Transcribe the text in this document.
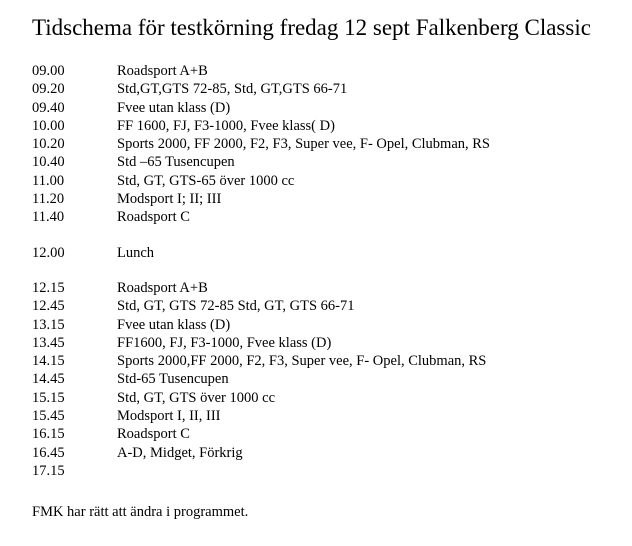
Tidschema för testkörning fredag 12 sept Falkenberg Classic
09.00	Roadsport A+B
09.20	Std,GT,GTS 72-85, Std, GT,GTS 66-71
09.40	Fvee utan klass (D)
10.00	FF 1600, FJ, F3-1000, Fvee klass( D)
10.20	Sports 2000, FF 2000, F2, F3, Super vee, F- Opel, Clubman, RS
10.40	Std –65 Tusencupen
11.00	Std, GT, GTS-65 över 1000 cc
11.20	Modsport I; II; III
11.40	Roadsport C
12.00	Lunch
12.15	Roadsport A+B
12.45	Std, GT, GTS 72-85 Std, GT, GTS 66-71
13.15	Fvee utan klass (D)
13.45	FF1600, FJ, F3-1000, Fvee klass (D)
14.15	Sports 2000,FF 2000, F2, F3, Super vee, F- Opel, Clubman, RS
14.45	Std-65 Tusencupen
15.15	Std, GT, GTS över 1000 cc
15.45	Modsport I, II, III
16.15	Roadsport C
16.45	A-D, Midget, Förkrig
17.15
FMK har rätt att ändra i programmet.
